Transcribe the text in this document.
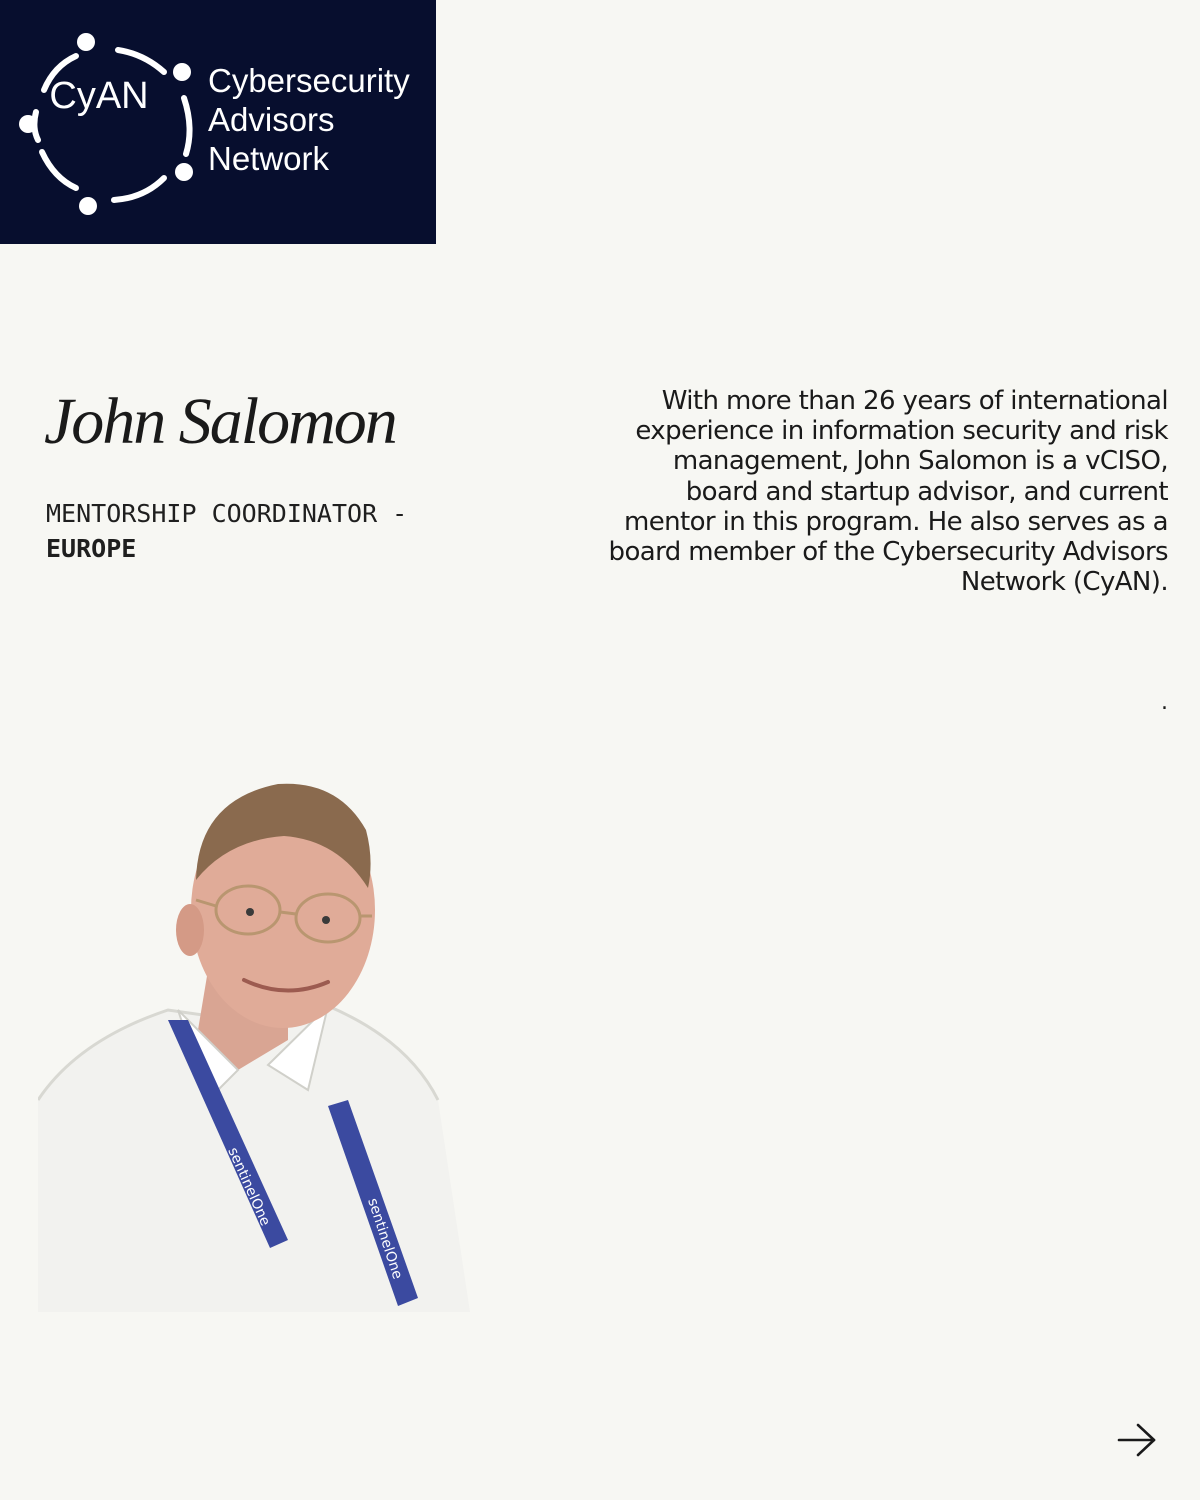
CyAN	Cybersecurity
Advisors
Network
John Salomon
MENTORSHIP COORDINATOR -
EUROPE

With more than 26 years of international experience in information security and risk management, John Salomon is a vCISO, board and startup advisor, and current mentor in this program. He also serves as a board member of the Cybersecurity Advisors Network (CyAN).

.
sentinelOne
sentinelOne
